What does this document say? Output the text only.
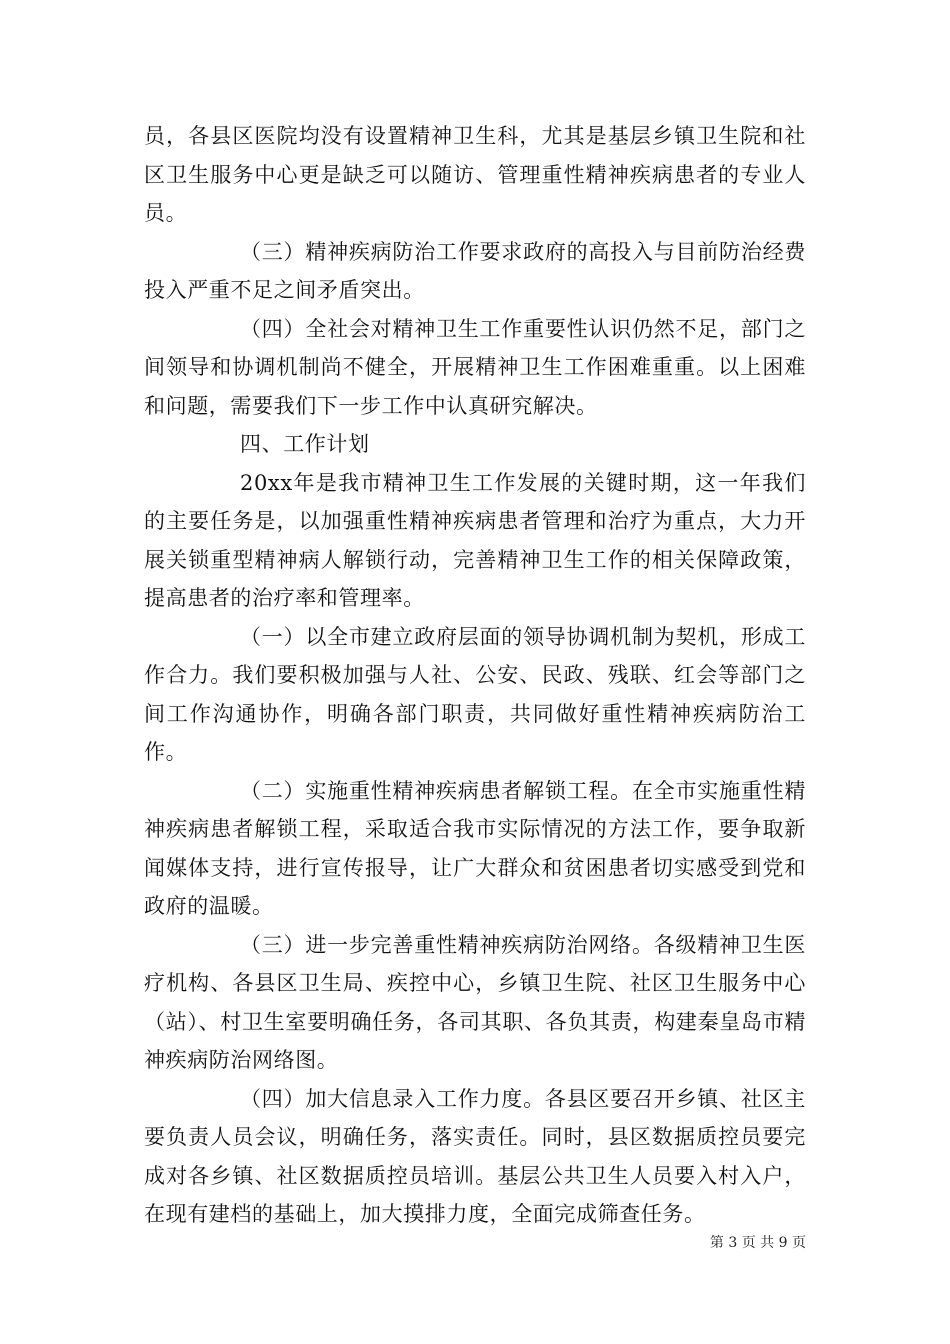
员，各县区医院均没有设置精神卫生科，尤其是基层乡镇卫生院和社区卫生服务中心更是缺乏可以随访、管理重性精神疾病患者的专业人员。

（三）精神疾病防治工作要求政府的高投入与目前防治经费投入严重不足之间矛盾突出。

（四）全社会对精神卫生工作重要性认识仍然不足，部门之间领导和协调机制尚不健全，开展精神卫生工作困难重重。以上困难和问题，需要我们下一步工作中认真研究解决。

四、工作计划

20xx年是我市精神卫生工作发展的关键时期，这一年我们的主要任务是，以加强重性精神疾病患者管理和治疗为重点，大力开展关锁重型精神病人解锁行动，完善精神卫生工作的相关保障政策，提高患者的治疗率和管理率。

（一）以全市建立政府层面的领导协调机制为契机，形成工作合力。我们要积极加强与人社、公安、民政、残联、红会等部门之间工作沟通协作，明确各部门职责，共同做好重性精神疾病防治工作。

（二）实施重性精神疾病患者解锁工程。在全市实施重性精神疾病患者解锁工程，采取适合我市实际情况的方法工作，要争取新闻媒体支持，进行宣传报导，让广大群众和贫困患者切实感受到党和政府的温暖。

（三）进一步完善重性精神疾病防治网络。各级精神卫生医疗机构、各县区卫生局、疾控中心，乡镇卫生院、社区卫生服务中心（站）、村卫生室要明确任务，各司其职、各负其责，构建秦皇岛市精神疾病防治网络图。

（四）加大信息录入工作力度。各县区要召开乡镇、社区主要负责人员会议，明确任务，落实责任。同时，县区数据质控员要完成对各乡镇、社区数据质控员培训。基层公共卫生人员要入村入户，在现有建档的基础上，加大摸排力度，全面完成筛查任务。

第 3 页 共 9 页
